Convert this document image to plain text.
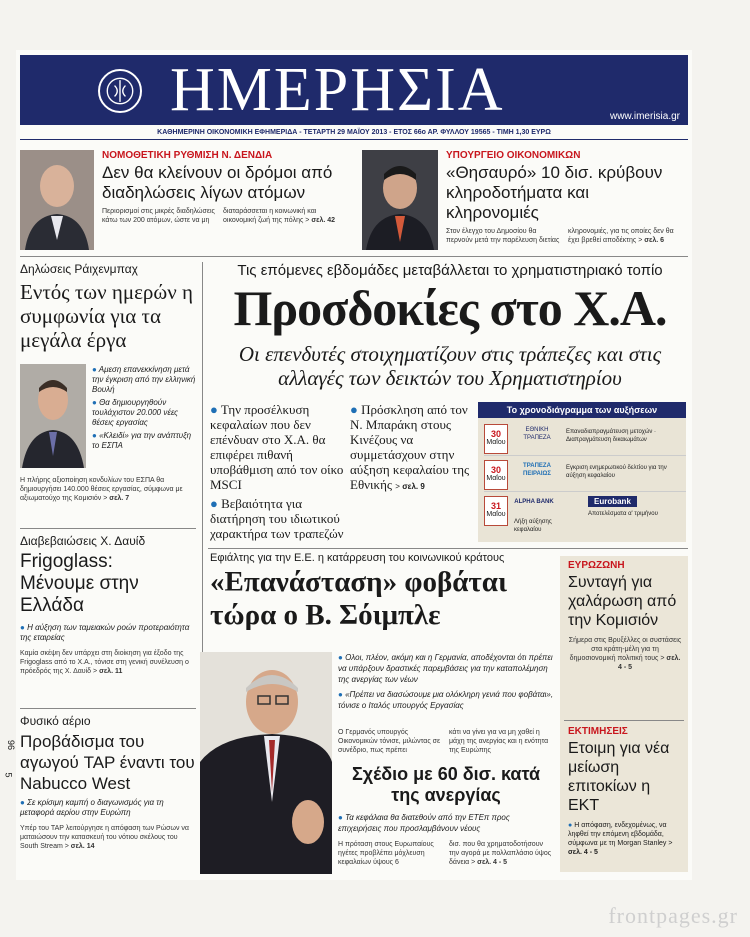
ΗΜΕΡΗΣΙΑ	www.imerisia.gr
ΚΑΘΗΜΕΡΙΝΗ ΟΙΚΟΝΟΜΙΚΗ ΕΦΗΜΕΡΙΔΑ - ΤΕΤΑΡΤΗ 29 ΜΑΪΟΥ 2013 - ΕΤΟΣ 66ο ΑΡ. ΦΥΛΛΟΥ 19565 - ΤΙΜΗ 1,30 ΕΥΡΩ
ΝΟΜΟΘΕΤΙΚΗ ΡΥΘΜΙΣΗ Ν. ΔΕΝΔΙΑ
Δεν θα κλείνουν οι δρόμοι από διαδηλώσεις λίγων ατόμων
Περιορισμοί στις μικρές διαδηλώσεις κάτω των 200 ατόμων, ώστε να μη
διαταράσσεται η κοινωνική και οικονομική ζωή της πόλης > σελ. 42
ΥΠΟΥΡΓΕΙΟ ΟΙΚΟΝΟΜΙΚΩΝ
«Θησαυρό» 10 δισ. κρύβουν κληροδοτήματα και κληρονομιές
Στον έλεγχο του Δημοσίου θα περνούν μετά την παρέλευση διετίας
κληρονομιές, για τις οποίες δεν θα έχει βρεθεί αποδέκτης > σελ. 6
Δηλώσεις Ράιχενμπαχ
Εντός των ημερών η συμφωνία για τα μεγάλα έργα
● Αμεση επανεκκίνηση μετά την έγκριση από την ελληνική Βουλή
● Θα δημιουργηθούν τουλάχιστον 20.000 νέες θέσεις εργασίας
● «Κλειδί» για την ανάπτυξη το ΕΣΠΑ
Η πλήρης αξιοποίηση κονδυλίων του ΕΣΠΑ θα δημιουργήσει 140.000 θέσεις εργασίας, σύμφωνα με αξιωματούχο της Κομισιόν > σελ. 7
Διαβεβαιώσεις Χ. Δαυίδ
Frigoglass: Μένουμε στην Ελλάδα
● Η αύξηση των ταμειακών ροών προτεραιότητα της εταιρείας
Καμία σκέψη δεν υπάρχει στη διοίκηση για έξοδο της Frigoglass από το Χ.Α., τόνισε στη γενική συνέλευση ο πρόεδρός της Χ. Δαυίδ > σελ. 11
Φυσικό αέριο
Προβάδισμα του αγωγού TAP έναντι του Nabucco West
● Σε κρίσιμη καμπή ο διαγωνισμός για τη μεταφορά αερίου στην Ευρώπη
Υπέρ του TAP λειτούργησε η απόφαση των Ρώσων να ματαιώσουν την κατασκευή του νότιου σκέλους του South Stream > σελ. 14
96
5
Τις επόμενες εβδομάδες μεταβάλλεται το χρηματιστηριακό τοπίο
Προσδοκίες στο Χ.Α.
Οι επενδυτές στοιχηματίζουν στις τράπεζες και στις αλλαγές των δεικτών του Χρηματιστηρίου
● Την προσέλκυση κεφαλαίων που δεν επένδυαν στο Χ.Α. θα επιφέρει πιθανή υποβάθμιση από τον οίκο MSCI
● Βεβαιότητα για διατήρηση του ιδιωτικού χαρακτήρα των τραπεζών
● Πρόσκληση από τον Ν. Μπαράκη στους Κινέζους να συμμετάσχουν στην αύξηση κεφαλαίου της Εθνικής > σελ. 9
Το χρονοδιάγραμμα των αυξήσεων
30
Μαΐου
ΕΘΝΙΚΗ ΤΡΑΠΕΖΑ
Επαναδιαπραγμάτευση μετοχών · Διαπραγμάτευση δικαιωμάτων
30
Μαΐου
ΤΡΑΠΕΖΑ ΠΕΙΡΑΙΩΣ
Εγκριση ενημερωτικού δελτίου για την αύξηση κεφαλαίου
31
Μαΐου
ALPHA BANK
Λήξη αύξησης κεφαλαίου
Eurobank
Αποτελέσματα α' τριμήνου
Εφιάλτης για την Ε.Ε. η κατάρρευση του κοινωνικού κράτους
«Επανάσταση» φοβάται τώρα ο Β. Σόιμπλε
● Ολοι, πλέον, ακόμη και η Γερμανία, αποδέχονται ότι πρέπει να υπάρξουν δραστικές παρεμβάσεις για την καταπολέμηση της ανεργίας των νέων
● «Πρέπει να διασώσουμε μια ολόκληρη γενιά που φοβάται», τόνισε ο Ιταλός υπουργός Εργασίας
Ο Γερμανός υπουργός Οικονομικών τόνισε, μιλώντας σε συνέδριο, πως πρέπει
κάτι να γίνει για να μη χαθεί η μάχη της ανεργίας και η ενότητα της Ευρώπης
Σχέδιο με 60 δισ. κατά της ανεργίας
● Τα κεφάλαια θα διατεθούν από την ΕΤΕπ προς επιχειρήσεις που προσλαμβάνουν νέους
Η πρόταση στους Ευρωπαίους ηγέτες προβλέπει μόχλευση κεφαλαίων ύψους 6
δισ. που θα χρηματοδοτήσουν την αγορά με πολλαπλάσιο ύψος δάνεια > σελ. 4 - 5
ΕΥΡΩΖΩΝΗ
Συνταγή για χαλάρωση από την Κομισιόν
Σήμερα στις Βρυξέλλες οι συστάσεις στα κράτη-μέλη για τη δημοσιονομική πολιτική τους > σελ. 4 - 5
ΕΚΤΙΜΗΣΕΙΣ
Ετοιμη για νέα μείωση επιτοκίων η ΕΚΤ
● Η απόφαση, ενδεχομένως, να ληφθεί την επόμενη εβδομάδα, σύμφωνα με τη Morgan Stanley > σελ. 4 - 5
frontpages.gr
